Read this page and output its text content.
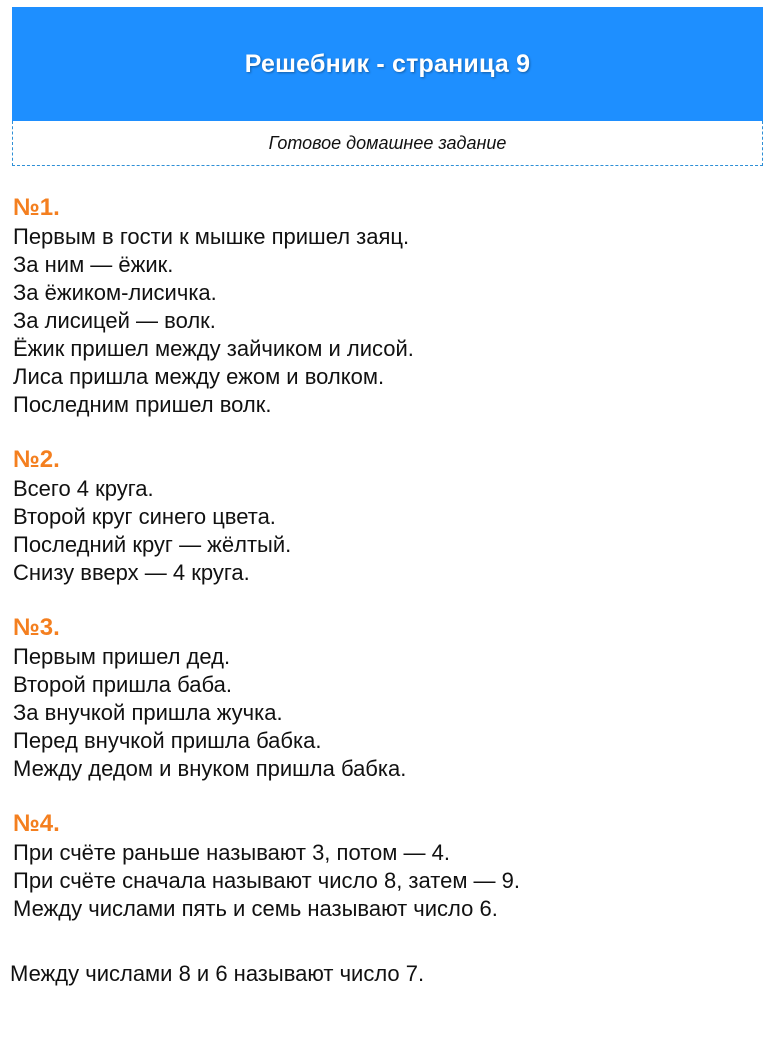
Решебник - страница 9
Готовое домашнее задание

№1.

Первым в гости к мышке пришел заяц.

За ним — ёжик.

За ёжиком-лисичка.

За лисицей — волк.

Ёжик пришел между зайчиком и лисой.

Лиса пришла между ежом и волком.

Последним пришел волк.

№2.

Всего 4 круга.

Второй круг синего цвета.

Последний круг — жёлтый.

Снизу вверх — 4 круга.

№3.

Первым пришел дед.

Второй пришла баба.

За внучкой пришла жучка.

Перед внучкой пришла бабка.

Между дедом и внуком пришла бабка.

№4.

При счёте раньше называют 3, потом — 4.

При счёте сначала называют число 8, затем — 9.

Между числами пять и семь называют число 6.

Между числами 8 и 6 называют число 7.
